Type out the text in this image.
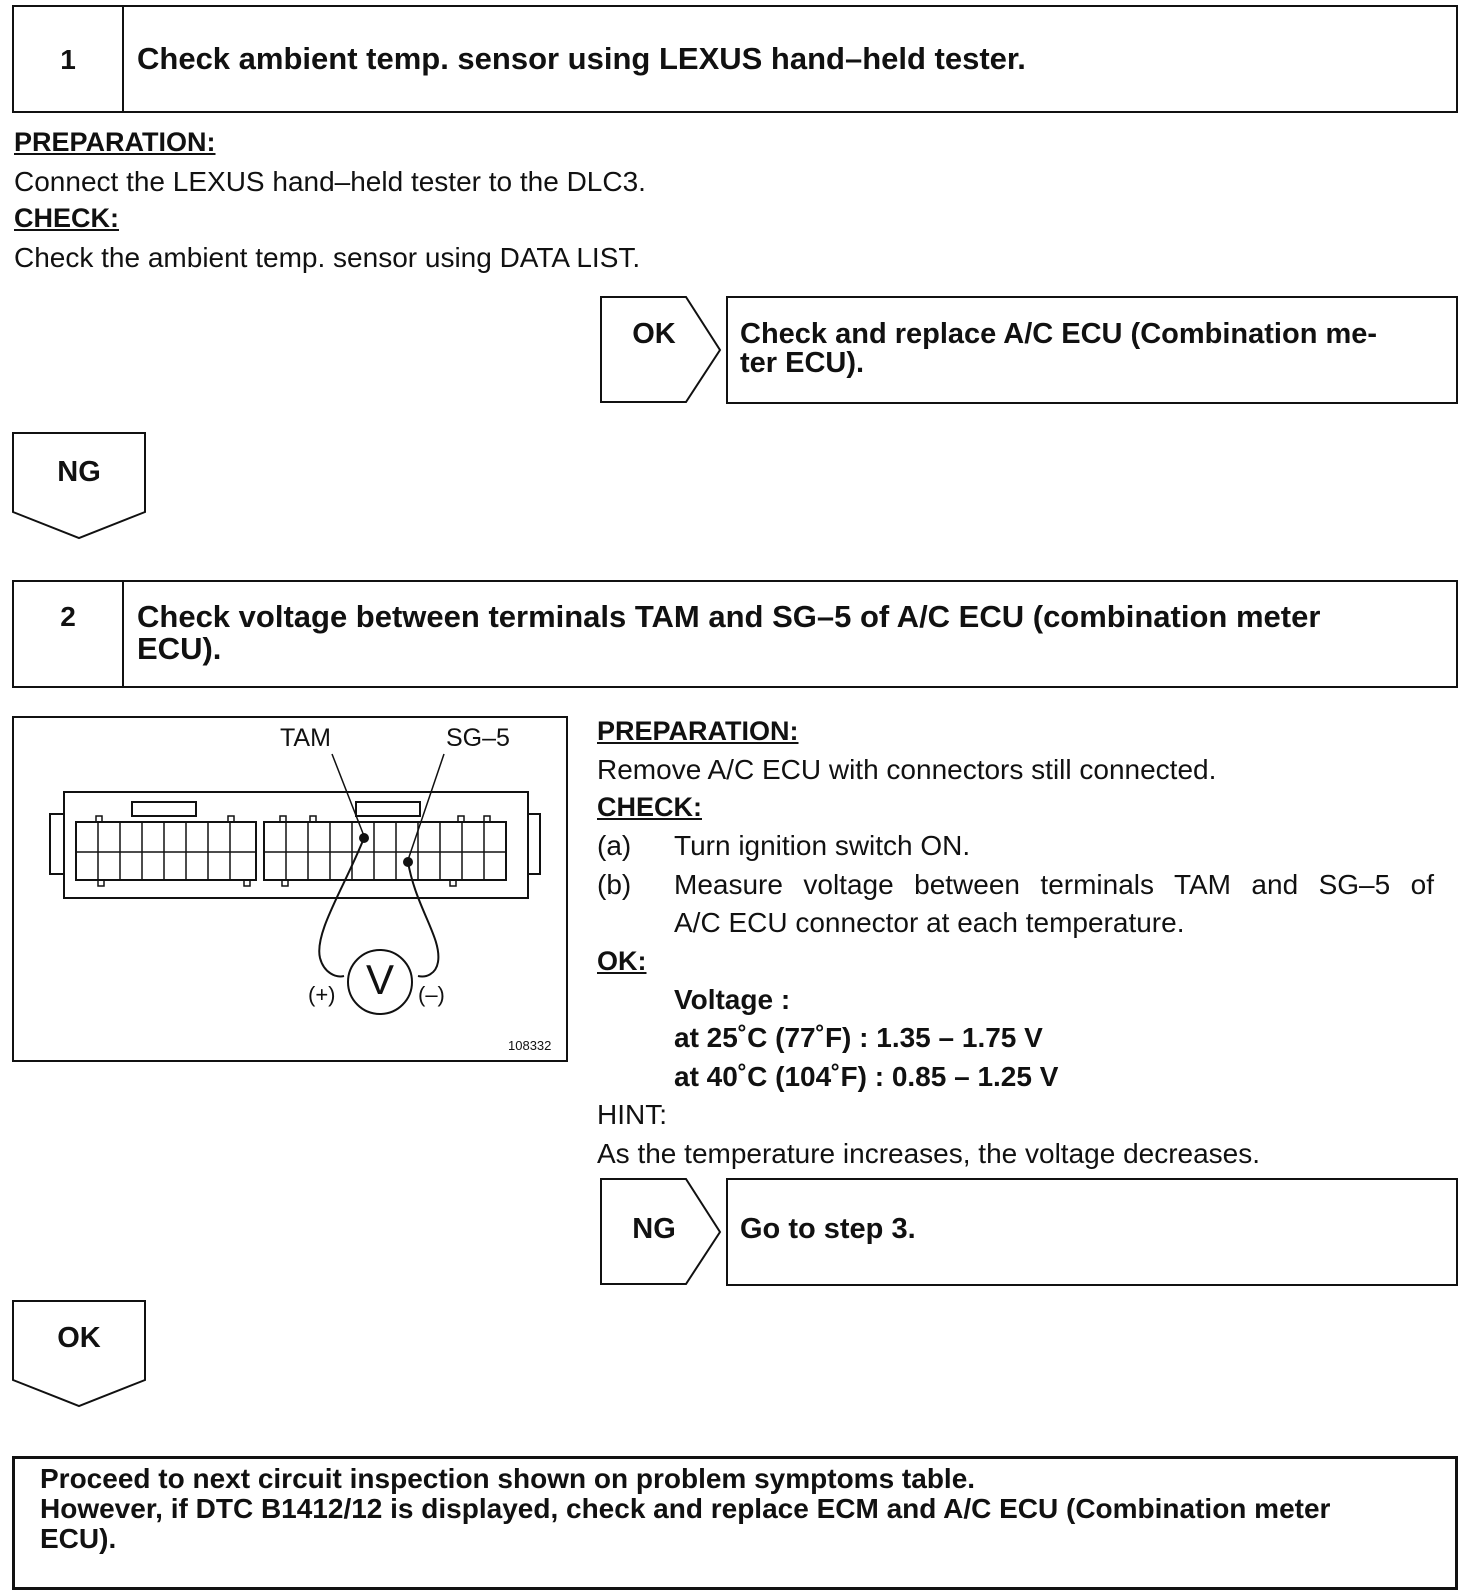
1	Check ambient temp. sensor using LEXUS hand–held tester.
PREPARATION:
Connect the LEXUS hand–held tester to the DLC3.
CHECK:
Check the ambient temp. sensor using DATA LIST.
OK	Check and replace A/C ECU (Combination me-
ter ECU).
NG
2	Check voltage between terminals TAM and SG–5 of A/C ECU (combination meter
ECU).
TAM	SG–5
V
(+)	(–)
108332
PREPARATION:
Remove A/C ECU with connectors still connected.
CHECK:
(a) Turn ignition switch ON.
(b) Measure voltage between terminals TAM and SG–5 of
A/C ECU connector at each temperature.
OK:
Voltage :
at 25˚C (77˚F) : 1.35 – 1.75 V
at 40˚C (104˚F) : 0.85 – 1.25 V
HINT:
As the temperature increases, the voltage decreases.
NG	Go to step 3.
OK
Proceed to next circuit inspection shown on problem symptoms table.
However, if DTC B1412/12 is displayed, check and replace ECM and A/C ECU (Combination meter
ECU).
